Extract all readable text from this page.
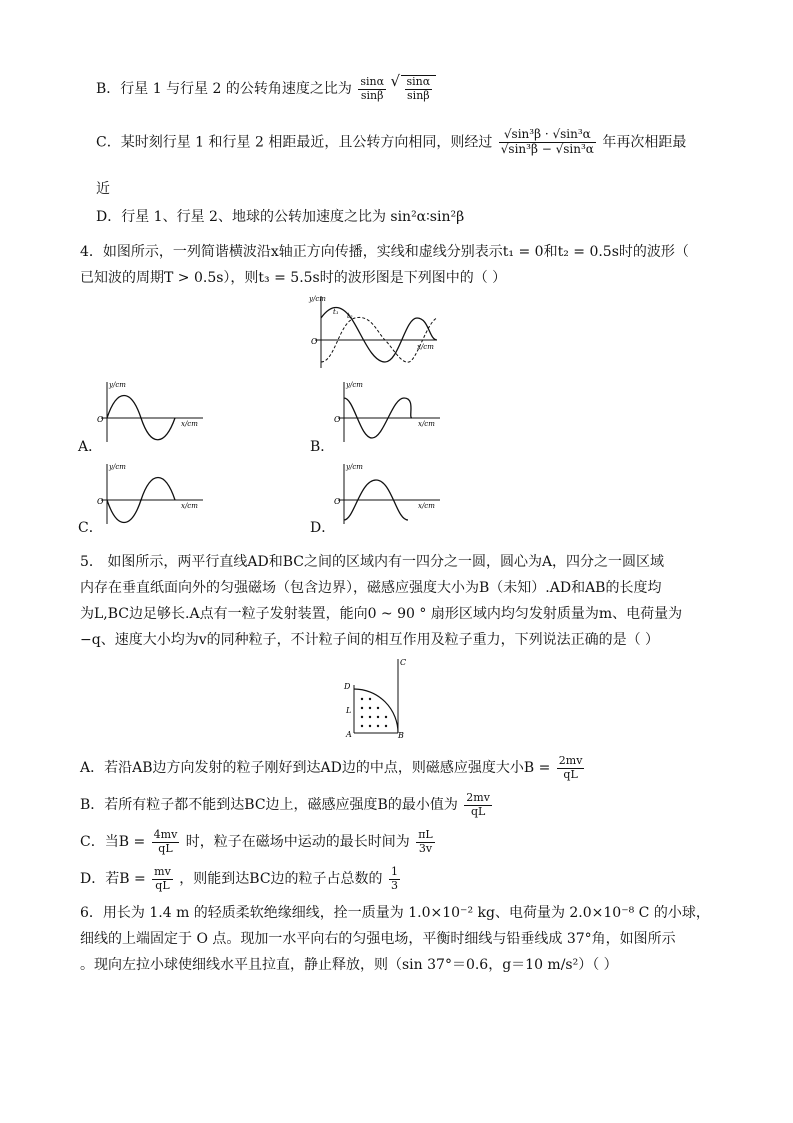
B．行星 1 与行星 2 的公转角速度之比为 $\frac{\sin\alpha}{\sin\beta}$

√ $\frac{\sin\alpha}{\sin\beta}$
C．某时刻行星 1 和行星 2 相距最近，且公转方向相同，则经过 $\frac{\text{√sin³β · √sin³α}}{\text{√sin³β − √sin³α}}$ 年再次相距最
近
D．行星 1、行星 2、地球的公转加速度之比为 sin²α∶sin²β
4．如图所示，一列简谐横波沿x轴正方向传播，实线和虚线分别表示t₁ = 0和t₂ = 0.5s时的波形（
已知波的周期T > 0.5s），则t₃ = 5.5s时的波形图是下列图中的（ ）
y/cm
x/cm
O
t₁ t₂
y/cm
x/cm
O
A．
y/cm
x/cm
O
B．
y/cm
x/cm
O
C．
y/cm
x/cm
O
D．
5． 如图所示，两平行直线AD和BC之间的区域内有一四分之一圆，圆心为A，四分之一圆区域
内存在垂直纸面向外的匀强磁场（包含边界），磁感应强度大小为B（未知）.AD和AB的长度均
为L,BC边足够长.A点有一粒子发射装置，能向0 ~ 90 ° 扇形区域内均匀发射质量为m、电荷量为
−q、速度大小均为v的同种粒子，不计粒子间的相互作用及粒子重力，下列说法正确的是（ ）
C
D
L
A	B
A．若沿AB边方向发射的粒子刚好到达AD边的中点，则磁感应强度大小$B = \frac{2mv}{qL}$
B．若所有粒子都不能到达BC边上，磁感应强度B的最小值为 $\frac{2mv}{qL}$
C．当$B = \frac{4mv}{qL}$ 时，粒子在磁场中运动的最长时间为 $\frac{\pi L}{3v}$
D．若$B = \frac{mv}{qL}$ ，则能到达BC边的粒子占总数的 $\frac{1}{3}$
6．用长为 1.4 m 的轻质柔软绝缘细线，拴一质量为 1.0×10⁻² kg、电荷量为 2.0×10⁻⁸ C 的小球，
细线的上端固定于 O 点。现加一水平向右的匀强电场，平衡时细线与铅垂线成 37°角，如图所示
。现向左拉小球使细线水平且拉直，静止释放，则（sin 37°＝0.6，g＝10 m/s²）（ ）
